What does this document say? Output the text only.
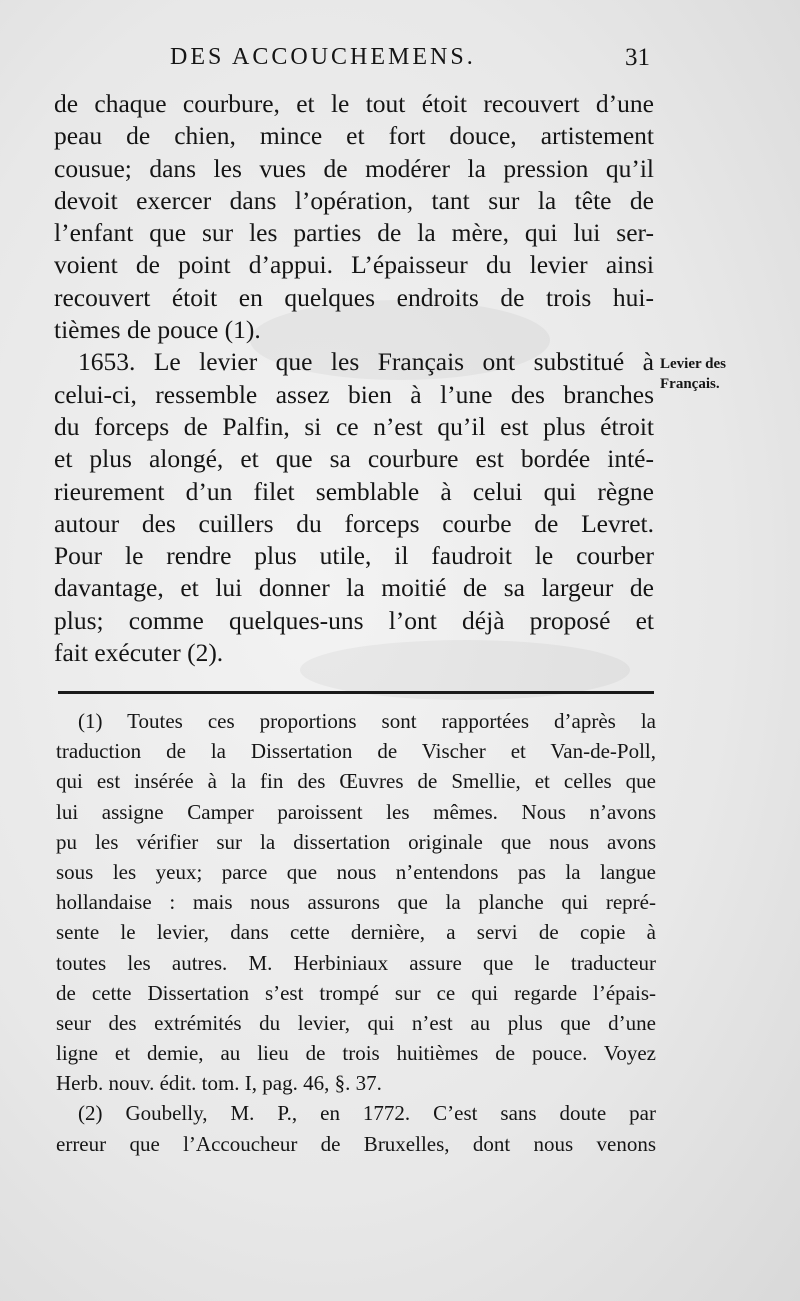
DES ACCOUCHEMENS.	31
de chaque courbure, et le tout étoit recouvert d’une
peau de chien, mince et fort douce, artistement
cousue; dans les vues de modérer la pression qu’il
devoit exercer dans l’opération, tant sur la tête de
l’enfant que sur les parties de la mère, qui lui ser-
voient de point d’appui. L’épaisseur du levier ainsi
recouvert étoit en quelques endroits de trois hui-
tièmes de pouce (1).
1653. Le levier que les Français ont substitué à
celui-ci, ressemble assez bien à l’une des branches
du forceps de Palfin, si ce n’est qu’il est plus étroit
et plus alongé, et que sa courbure est bordée inté-
rieurement d’un filet semblable à celui qui règne
autour des cuillers du forceps courbe de Levret.
Pour le rendre plus utile, il faudroit le courber
davantage, et lui donner la moitié de sa largeur de
plus; comme quelques-uns l’ont déjà proposé et
fait exécuter (2).
Levier des
Français.
(1) Toutes ces proportions sont rapportées d’après la
traduction de la Dissertation de Vischer et Van-de-Poll,
qui est insérée à la fin des Œuvres de Smellie, et celles que
lui assigne Camper paroissent les mêmes. Nous n’avons
pu les vérifier sur la dissertation originale que nous avons
sous les yeux; parce que nous n’entendons pas la langue
hollandaise : mais nous assurons que la planche qui repré-
sente le levier, dans cette dernière, a servi de copie à
toutes les autres. M. Herbiniaux assure que le traducteur
de cette Dissertation s’est trompé sur ce qui regarde l’épais-
seur des extrémités du levier, qui n’est au plus que d’une
ligne et demie, au lieu de trois huitièmes de pouce. Voyez
Herb. nouv. édit. tom. I, pag. 46, §. 37.
(2) Goubelly, M. P., en 1772. C’est sans doute par
erreur que l’Accoucheur de Bruxelles, dont nous venons
